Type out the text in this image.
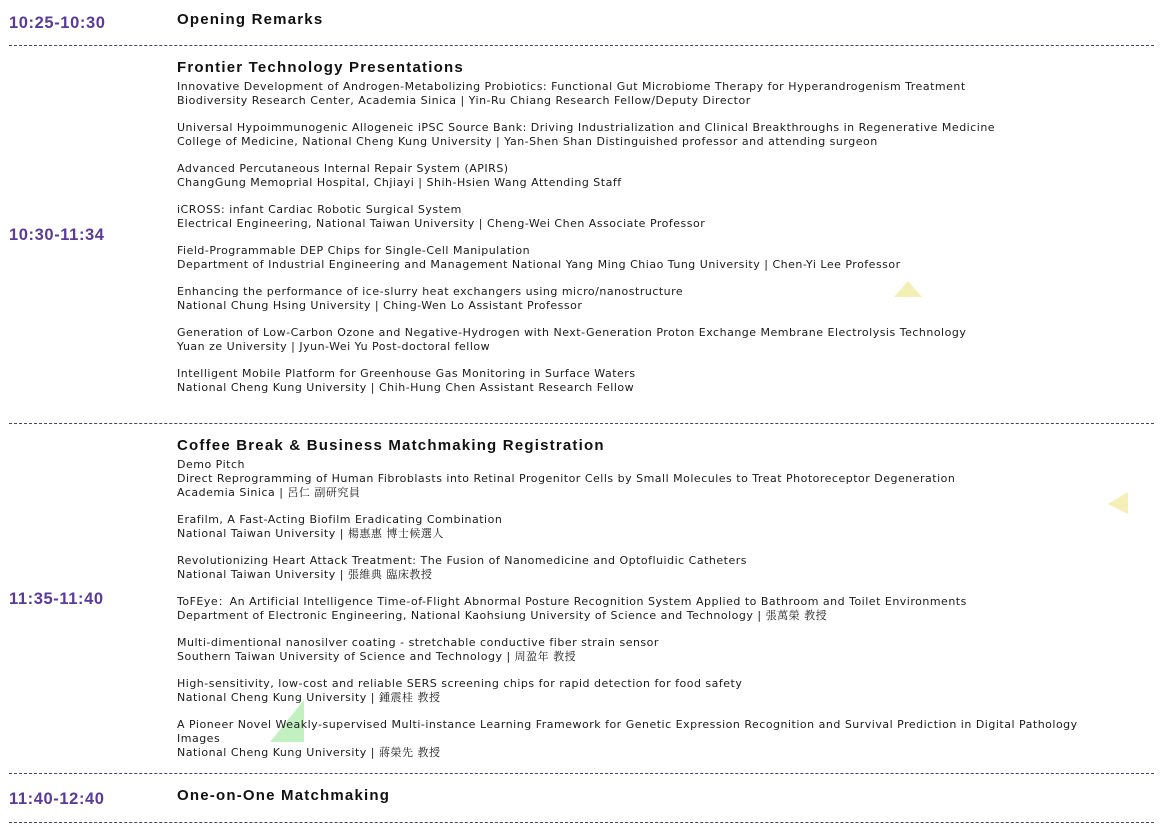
10:25-10:30	Opening Remarks
10:30-11:34
Frontier Technology Presentations
Innovative Development of Androgen-Metabolizing Probiotics: Functional Gut Microbiome Therapy for Hyperandrogenism Treatment
Biodiversity Research Center, Academia Sinica | Yin-Ru Chiang Research Fellow/Deputy Director
Universal Hypoimmunogenic Allogeneic iPSC Source Bank: Driving Industrialization and Clinical Breakthroughs in Regenerative Medicine
College of Medicine, National Cheng Kung University | Yan-Shen Shan Distinguished professor and attending surgeon
Advanced Percutaneous Internal Repair System (APIRS)
ChangGung Memoprial Hospital, Chjiayi | Shih-Hsien Wang Attending Staff
iCROSS: infant Cardiac Robotic Surgical System
Electrical Engineering, National Taiwan University | Cheng-Wei Chen Associate Professor
Field-Programmable DEP Chips for Single-Cell Manipulation
Department of Industrial Engineering and Management National Yang Ming Chiao Tung University | Chen-Yi Lee Professor
Enhancing the performance of ice-slurry heat exchangers using micro/nanostructure
National Chung Hsing University | Ching-Wen Lo Assistant Professor
Generation of Low-Carbon Ozone and Negative-Hydrogen with Next-Generation Proton Exchange Membrane Electrolysis Technology
Yuan ze University | Jyun-Wei Yu Post-doctoral fellow
Intelligent Mobile Platform for Greenhouse Gas Monitoring in Surface Waters
National Cheng Kung University | Chih-Hung Chen Assistant Research Fellow
11:35-11:40
Coffee Break & Business Matchmaking Registration
Demo Pitch
Direct Reprogramming of Human Fibroblasts into Retinal Progenitor Cells by Small Molecules to Treat Photoreceptor Degeneration
Academia Sinica | 呂仁 副研究員
Erafilm, A Fast-Acting Biofilm Eradicating Combination
National Taiwan University | 楊惠惠 博士候選人
Revolutionizing Heart Attack Treatment: The Fusion of Nanomedicine and Optofluidic Catheters
National Taiwan University | 張維典 臨床教授
ToFEye：An Artificial Intelligence Time-of-Flight Abnormal Posture Recognition System Applied to Bathroom and Toilet Environments
Department of Electronic Engineering, National Kaohsiung University of Science and Technology | 張萬榮 教授
Multi-dimentional nanosilver coating - stretchable conductive fiber strain sensor
Southern Taiwan University of Science and Technology | 周盈年 教授
High-sensitivity, low-cost and reliable SERS screening chips for rapid detection for food safety
National Cheng Kung University | 鍾震桂 教授
A Pioneer Novel Weakly-supervised Multi-instance Learning Framework for Genetic Expression Recognition and Survival Prediction in Digital Pathology Images
National Cheng Kung University | 蔣榮先 教授
11:40-12:40	One-on-One Matchmaking
